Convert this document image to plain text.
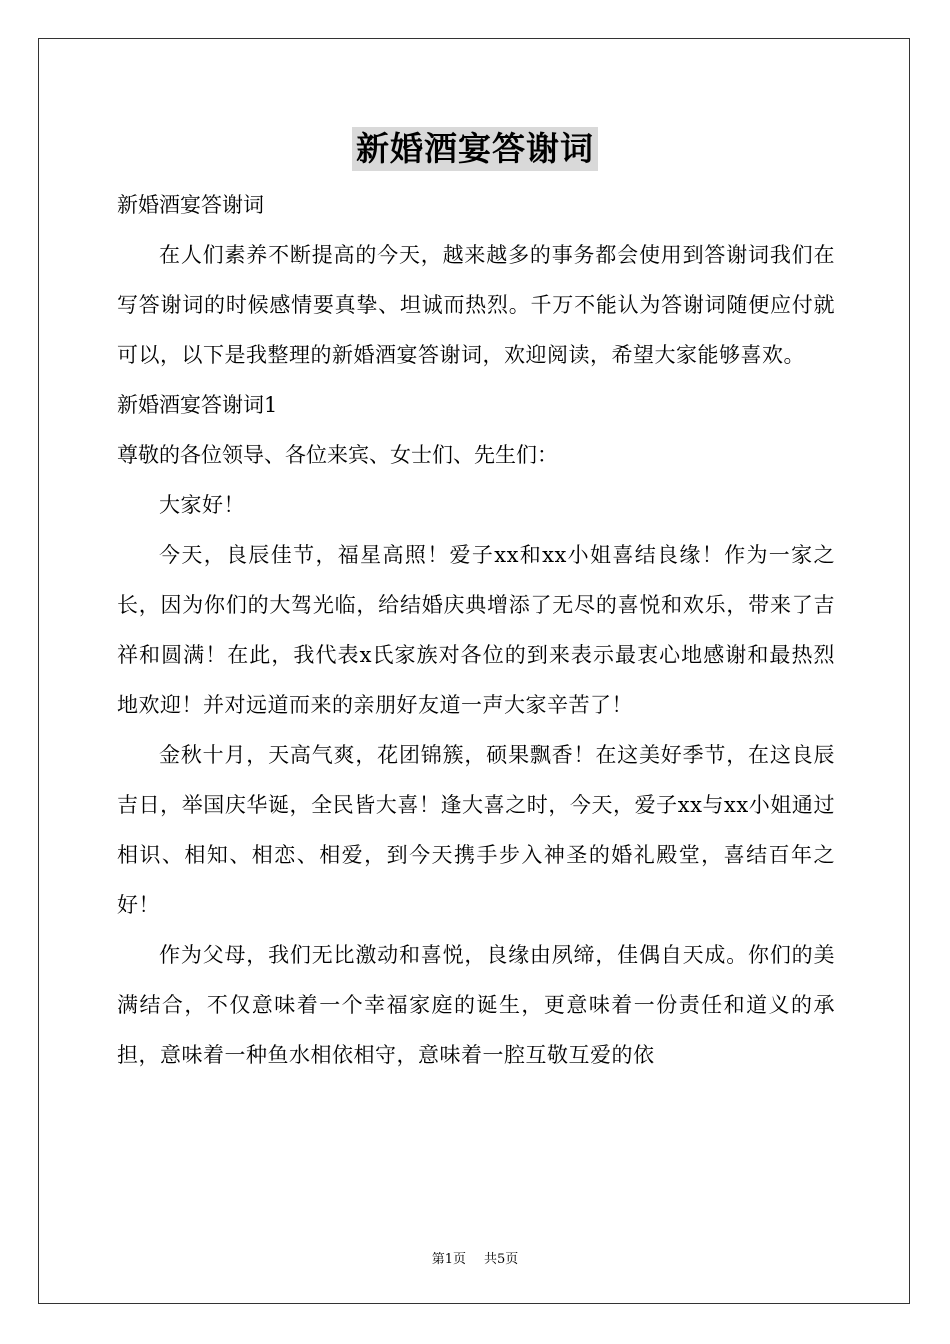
新婚酒宴答谢词

新婚酒宴答谢词

在人们素养不断提高的今天，越来越多的事务都会使用到答谢词我们在写答谢词的时候感情要真挚、坦诚而热烈。千万不能认为答谢词随便应付就可以，以下是我整理的新婚酒宴答谢词，欢迎阅读，希望大家能够喜欢。

新婚酒宴答谢词1

尊敬的各位领导、各位来宾、女士们、先生们：

大家好！

今天，良辰佳节，福星高照！爱子xx和xx小姐喜结良缘！作为一家之长，因为你们的大驾光临，给结婚庆典增添了无尽的喜悦和欢乐，带来了吉祥和圆满！在此，我代表x氏家族对各位的到来表示最衷心地感谢和最热烈地欢迎！并对远道而来的亲朋好友道一声大家辛苦了！

金秋十月，天高气爽，花团锦簇，硕果飘香！在这美好季节，在这良辰吉日，举国庆华诞，全民皆大喜！逢大喜之时，今天，爱子xx与xx小姐通过相识、相知、相恋、相爱，到今天携手步入神圣的婚礼殿堂，喜结百年之好！

作为父母，我们无比激动和喜悦，良缘由夙缔，佳偶自天成。你们的美满结合，不仅意味着一个幸福家庭的诞生，更意味着一份责任和道义的承担，意味着一种鱼水相依相守，意味着一腔互敬互爱的依

第1页 共5页
